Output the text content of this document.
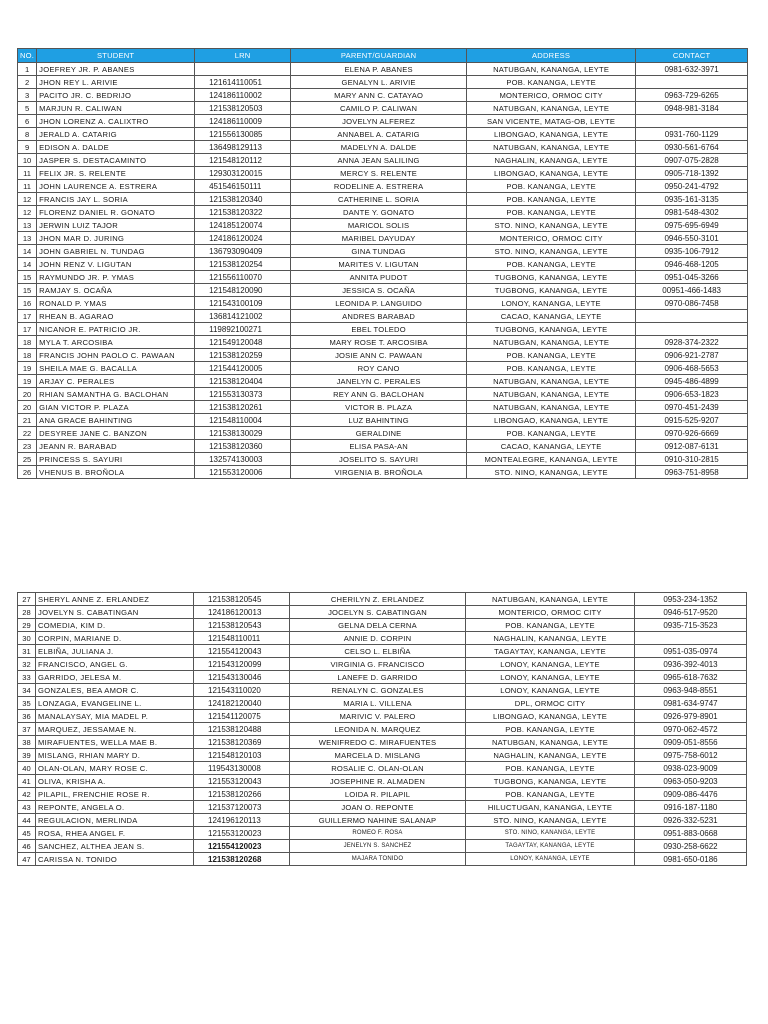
NO.	STUDENT	LRN	PARENT/GUARDIAN	ADDRESS	CONTACT
1	JOEFREY JR. P. ABANES		ELENA P. ABANES	NATUBGAN, KANANGA, LEYTE	0981-632-3971
2	JHON REY L. ARIVIE	121614110051	GENALYN L. ARIVIE	POB. KANANGA, LEYTE	
3	PACITO JR. C. BEDRIJO	124186110002	MARY ANN C. CATAYAO	MONTERICO, ORMOC CITY	0963-729-6265
5	MARJUN R. CALIWAN	121538120503	CAMILO P. CALIWAN	NATUBGAN, KANANGA, LEYTE	0948-981-3184
6	JHON LORENZ A. CALIXTRO	124186110009	JOVELYN ALFEREZ	SAN VICENTE, MATAG-OB, LEYTE	
8	JERALD A. CATARIG	121556130085	ANNABEL A. CATARIG	LIBONGAO, KANANGA, LEYTE	0931-760-1129
9	EDISON A. DALDE	136498129113	MADELYN A. DALDE	NATUBGAN, KANANGA, LEYTE	0930-561-6764
10	JASPER S. DESTACAMINTO	121548120112	ANNA JEAN SALILING	NAGHALIN, KANANGA, LEYTE	0907-075-2828
11	FELIX JR. S. RELENTE	129303120015	MERCY S. RELENTE	LIBONGAO, KANANGA, LEYTE	0905-718-1392
11	JOHN LAURENCE A. ESTRERA	451546150111	RODELINE A. ESTRERA	POB. KANANGA, LEYTE	0950-241-4792
12	FRANCIS JAY L. SORIA	121538120340	CATHERINE L. SORIA	POB. KANANGA, LEYTE	0935-161-3135
12	FLORENZ DANIEL R. GONATO	121538120322	DANTE Y. GONATO	POB. KANANGA, LEYTE	0981-548-4302
13	JERWIN LUIZ TAJOR	124185120074	MARICOL SOLIS	STO. NINO, KANANGA, LEYTE	0975-695-6949
13	JHON MAR D. JURING	124186120024	MARIBEL DAYUDAY	MONTERICO, ORMOC CITY	0946-550-3101
14	JOHN GABRIEL N. TUNDAG	136793090409	GINA TUNDAG	STO. NINO, KANANGA, LEYTE	0935-106-7912
14	JOHN RENZ V. LIGUTAN	121538120254	MARITES V. LIGUTAN	POB. KANANGA, LEYTE	0946-468-1205
15	RAYMUNDO JR. P. YMAS	121556110070	ANNITA PUDOT	TUGBONG, KANANGA, LEYTE	0951-045-3266
15	RAMJAY S. OCAÑA	121548120090	JESSICA S. OCAÑA	TUGBONG, KANANGA, LEYTE	00951-466-1483
16	RONALD P. YMAS	121543100109	LEONIDA P. LANGUIDO	LONOY, KANANGA, LEYTE	0970-086-7458
17	RHEAN B. AGARAO	136814121002	ANDRES BARABAD	CACAO, KANANGA, LEYTE	
17	NICANOR E. PATRICIO JR.	119892100271	EBEL TOLEDO	TUGBONG, KANANGA, LEYTE	
18	MYLA T. ARCOSIBA	121549120048	MARY ROSE T. ARCOSIBA	NATUBGAN, KANANGA, LEYTE	0928-374-2322
18	FRANCIS JOHN PAOLO C. PAWAAN	121538120259	JOSIE ANN C. PAWAAN	POB. KANANGA, LEYTE	0906-921-2787
19	SHEILA MAE G. BACALLA	121544120005	ROY CANO	POB. KANANGA, LEYTE	0906-468-5653
19	ARJAY C. PERALES	121538120404	JANELYN C. PERALES	NATUBGAN, KANANGA, LEYTE	0945-486-4899
20	RHIAN SAMANTHA G. BACLOHAN	121553130373	REY ANN G. BACLOHAN	NATUBGAN, KANANGA, LEYTE	0906-653-1823
20	GIAN VICTOR P. PLAZA	121538120261	VICTOR B. PLAZA	NATUBGAN, KANANGA, LEYTE	0970-451-2439
21	ANA GRACE BAHINTING	121548110004	LUZ BAHINTING	LIBONGAO, KANANGA, LEYTE	0915-525-9207
22	DESYREE JANE C. BANZON	121538130029	GERALDINE	POB. KANANGA, LEYTE	0970-926-6669
23	JEANN R. BARABAD	121538120360	ELISA PASA-AN	CACAO, KANANGA, LEYTE	0912-087-6131
25	PRINCESS S. SAYURI	132574130003	JOSELITO S. SAYURI	MONTEALEGRE, KANANGA, LEYTE	0910-310-2815
26	VHENUS B. BROÑOLA	121553120006	VIRGENIA B. BROÑOLA	STO. NINO, KANANGA, LEYTE	0963-751-8958
27	SHERYL ANNE Z. ERLANDEZ	121538120545	CHERILYN Z. ERLANDEZ	NATUBGAN, KANANGA, LEYTE	0953-234-1352
28	JOVELYN S. CABATINGAN	124186120013	JOCELYN S. CABATINGAN	MONTERICO, ORMOC CITY	0946-517-9520
29	COMEDIA, KIM D.	121538120543	GELNA DELA CERNA	POB. KANANGA, LEYTE	0935-715-3523
30	CORPIN, MARIANE D.	121548110011	ANNIE D. CORPIN	NAGHALIN, KANANGA, LEYTE	
31	ELBIÑA, JULIANA J.	121554120043	CELSO L. ELBIÑA	TAGAYTAY, KANANGA, LEYTE	0951-035-0974
32	FRANCISCO, ANGEL G.	121543120099	VIRGINIA G. FRANCISCO	LONOY, KANANGA, LEYTE	0936-392-4013
33	GARRIDO, JELESA M.	121543130046	LANEFE D. GARRIDO	LONOY, KANANGA, LEYTE	0965-618-7632
34	GONZALES, BEA AMOR C.	121543110020	RENALYN C. GONZALES	LONOY, KANANGA, LEYTE	0963-948-8551
35	LONZAGA, EVANGELINE L.	124182120040	MARIA L. VILLENA	DPL, ORMOC CITY	0981-634-9747
36	MANALAYSAY, MIA MADEL P.	121541120075	MARIVIC V. PALERO	LIBONGAO, KANANGA, LEYTE	0926-979-8901
37	MARQUEZ, JESSAMAE N.	121538120488	LEONIDA N. MARQUEZ	POB. KANANGA, LEYTE	0970-062-4572
38	MIRAFUENTES, WELLA MAE B.	121538120369	WENIFREDO C. MIRAFUENTES	NATUBGAN, KANANGA, LEYTE	0909-051-8556
39	MISLANG, RHIAN MARY D.	121548120103	MARCELA D. MISLANG	NAGHALIN, KANANGA, LEYTE	0975-758-6012
40	OLAN-OLAN, MARY ROSE C.	119543130008	ROSALIE C. OLAN-OLAN	POB. KANANGA, LEYTE	0938-023-9009
41	OLIVA, KRISHA A.	121553120043	JOSEPHINE R. ALMADEN	TUGBONG, KANANGA, LEYTE	0963-050-9203
42	PILAPIL, FRENCHIE ROSE R.	121538120266	LOIDA R. PILAPIL	POB. KANANGA, LEYTE	0909-086-4476
43	REPONTE, ANGELA O.	121537120073	JOAN O. REPONTE	HILUCTUGAN, KANANGA, LEYTE	0916-187-1180
44	REGULACION, MERLINDA	124196120113	GUILLERMO NAHINE SALANAP	STO. NINO, KANANGA, LEYTE	0926-332-5231
45	ROSA, RHEA ANGEL F.	121553120023	ROMEO F. ROSA	STO. NINO, KANANGA, LEYTE	0951-883-0668
46	SANCHEZ, ALTHEA JEAN S.	121554120023	JENELYN S. SANCHEZ	TAGAYTAY, KANANGA, LEYTE	0930-258-6622
47	CARISSA N. TONIDO	121538120268	MAJARA TONIDO	LONOY, KANANGA, LEYTE	0981-650-0186
